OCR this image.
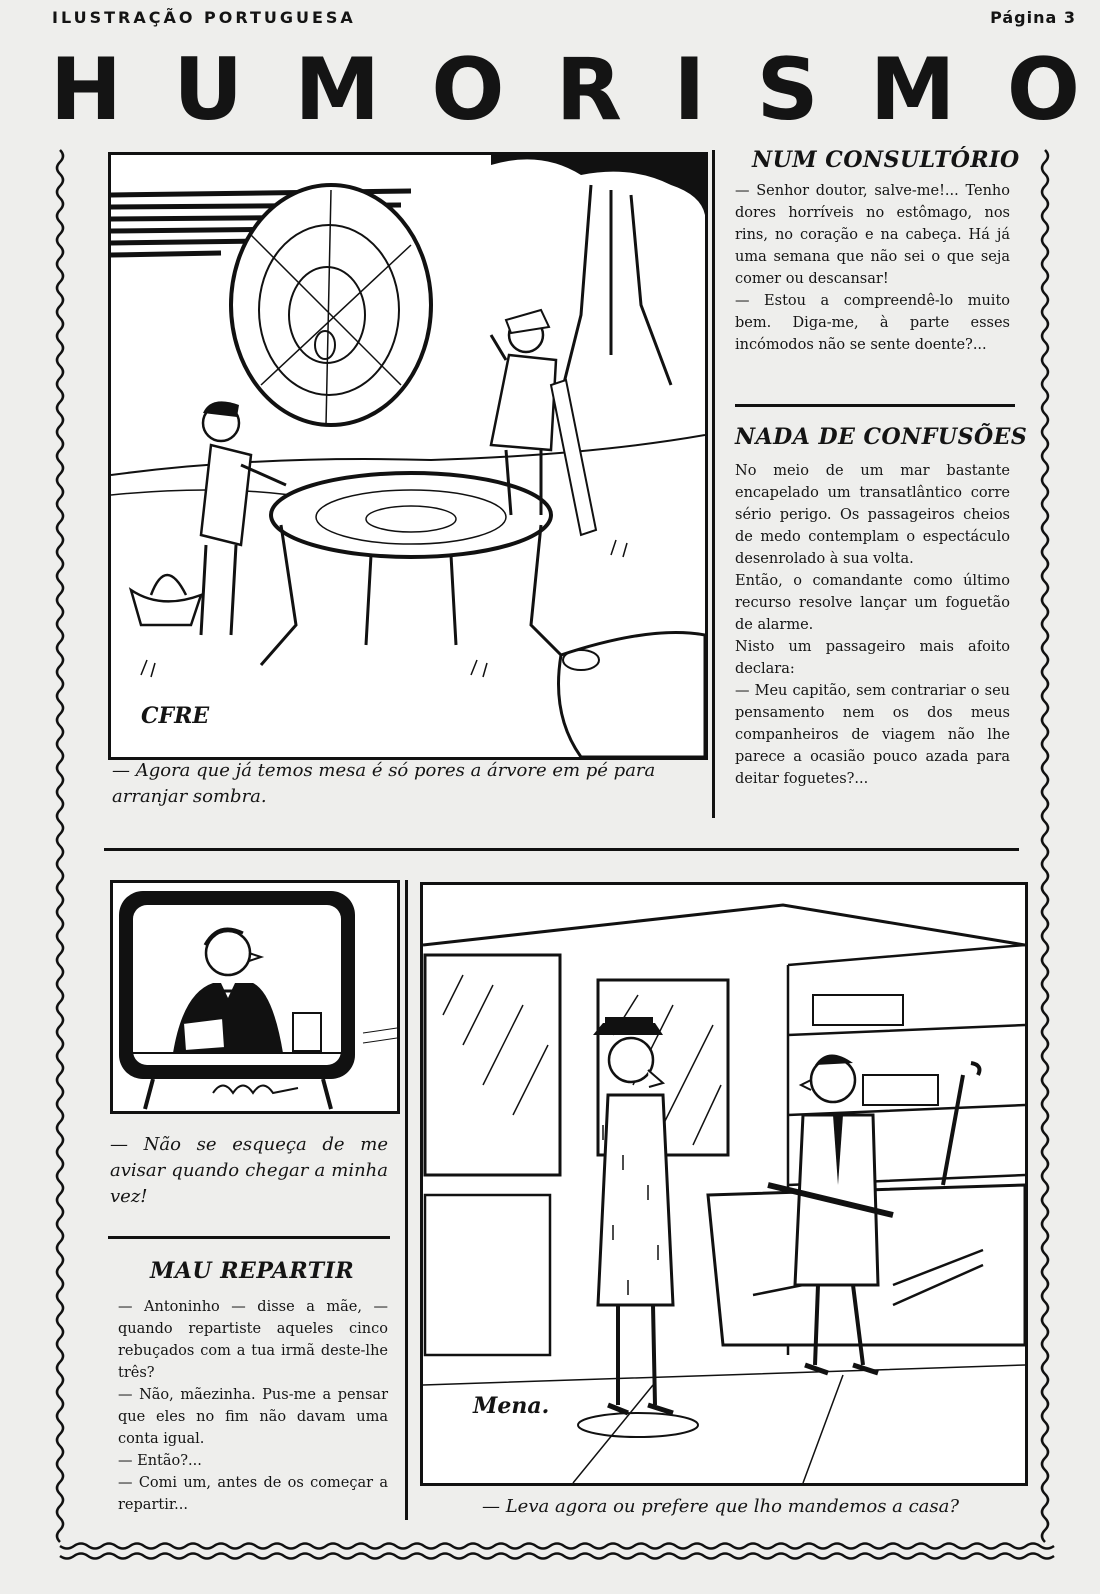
ILUSTRAÇÃO PORTUGUESA	Página 3
H U M O R I S M O
CFRE
— Agora que já temos mesa é só pores a árvore em pé para arranjar sombra.
NUM CONSULTÓRIO

— Senhor doutor, salve-me!... Tenho dores horríveis no estômago, nos rins, no coração e na cabeça. Há já uma semana que não sei o que seja comer ou descansar!

— Estou a compreendê-lo muito bem. Diga-me, à parte esses incómodos não se sente doente?...

NADA DE CONFUSÕES

No meio de um mar bastante encapelado um transatlântico corre sério perigo. Os passageiros cheios de medo contemplam o espectáculo desenrolado à sua volta.

Então, o comandante como último recurso resolve lançar um foguetão de alarme.

Nisto um passageiro mais afoito declara:

— Meu capitão, sem contrariar o seu pensamento nem os dos meus companheiros de viagem não lhe parece a ocasião pouco azada para deitar foguetes?...

— Não se esqueça de me avisar quando chegar a minha vez!
MAU REPARTIR

— Antoninho — disse a mãe, — quando repartiste aqueles cinco rebuçados com a tua irmã deste-lhe três?

— Não, mãezinha. Pus-me a pensar que eles no fim não davam uma conta igual.

— Então?...

— Comi um, antes de os começar a repartir...

Mena.
— Leva agora ou prefere que lho mandemos a casa?
